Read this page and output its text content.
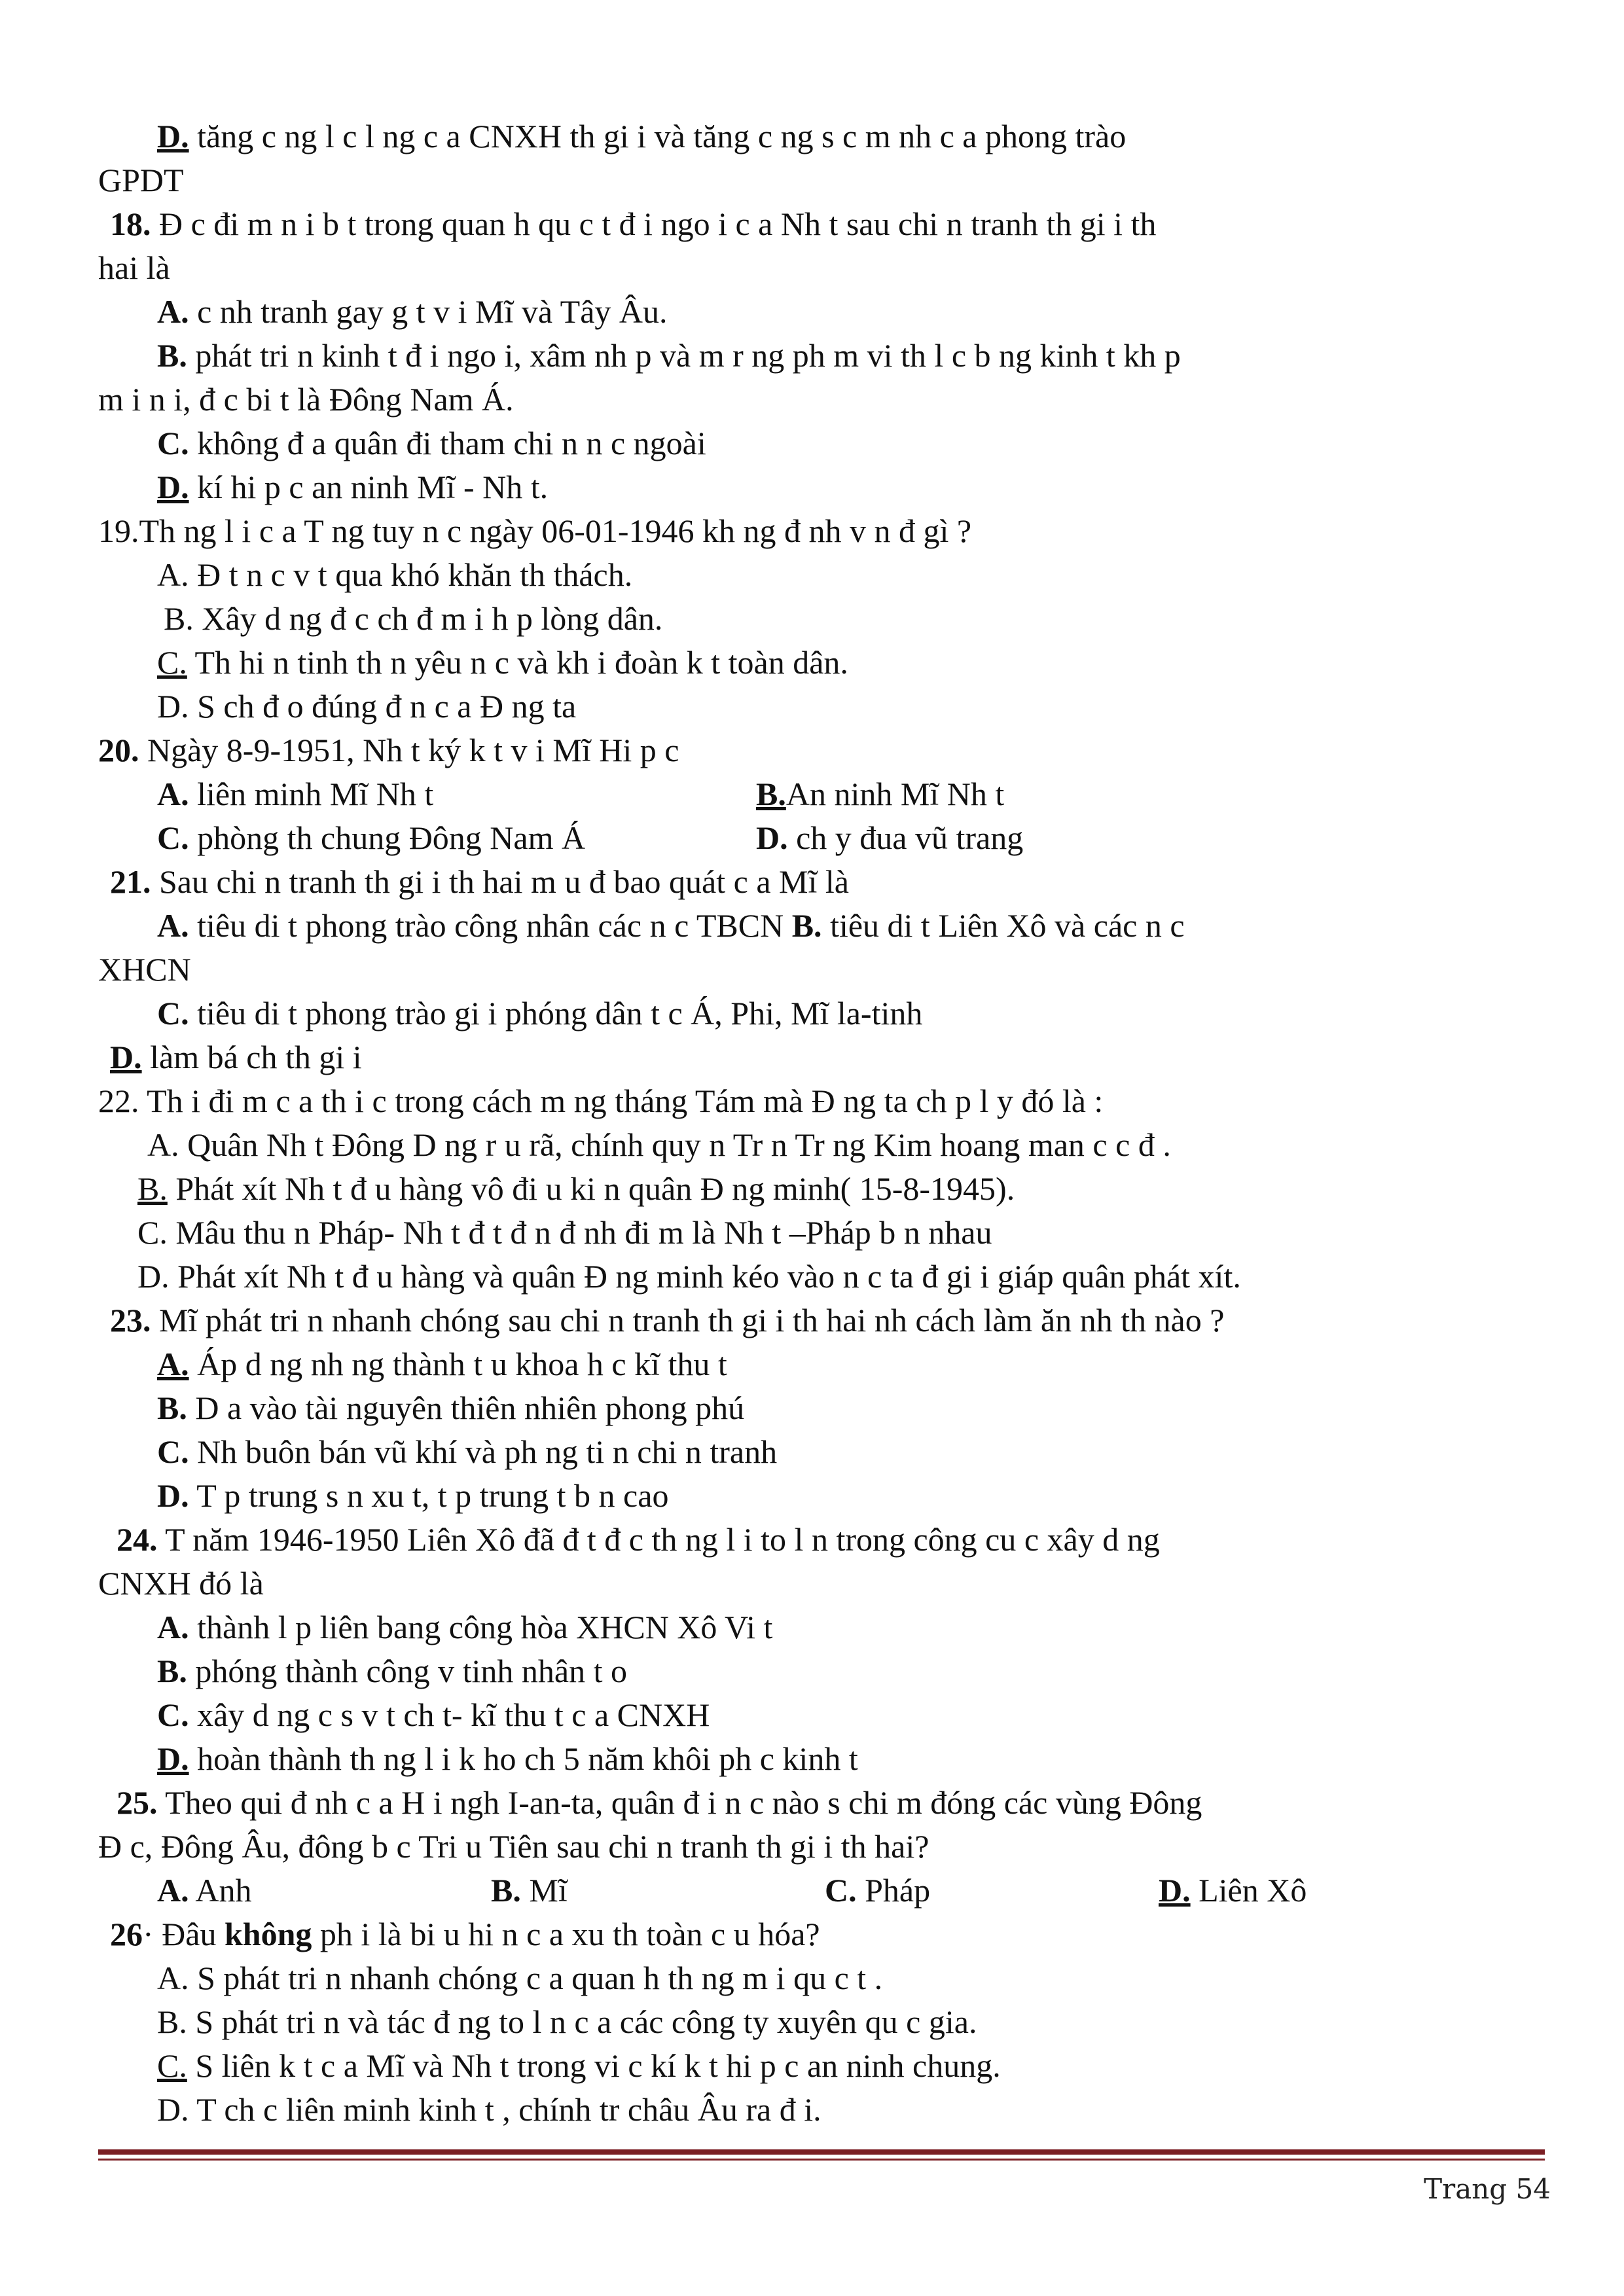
D. tăng c ng l c l ng c a CNXH th gi i và tăng c ng s c m nh c a phong trào
GPDT
18. Đ c đi m n i b t trong quan h qu c t đ i ngo i c a Nh t sau chi n tranh th gi i th
hai là
A. c nh tranh gay g t v i Mĩ và Tây Âu.
B. phát tri n kinh t đ i ngo i, xâm nh p và m r ng ph m vi th l c b ng kinh t kh p
m i n i, đ c bi t là Đông Nam Á.
C. không đ a quân đi tham chi n n c ngoài
D. kí hi p c an ninh Mĩ - Nh t.
19.Th ng l i c a T ng tuy n c ngày 06-01-1946 kh ng đ nh v n đ gì ?
A. Đ t n c v t qua khó khăn th thách.
B. Xây d ng đ c ch đ m i h p lòng dân.
C. Th hi n tinh th n yêu n c và kh i đoàn k t toàn dân.
D. S ch đ o đúng đ n c a Đ ng ta
20. Ngày 8-9-1951, Nh t ký k t v i Mĩ Hi p c
A. liên minh Mĩ Nh t	B.An ninh Mĩ Nh t
C. phòng th chung Đông Nam Á	D. ch y đua vũ trang
21. Sau chi n tranh th gi i th hai m u đ bao quát c a Mĩ là
A. tiêu di t phong trào công nhân các n c TBCN B. tiêu di t Liên Xô và các n c
XHCN
C. tiêu di t phong trào gi i phóng dân t c Á, Phi, Mĩ la-tinh
D. làm bá ch th gi i
22. Th i đi m c a th i c trong cách m ng tháng Tám mà Đ ng ta ch p l y đó là :
A. Quân Nh t Đông D ng r u rã, chính quy n Tr n Tr ng Kim hoang man c c đ .
B. Phát xít Nh t đ u hàng vô đi u ki n quân Đ ng minh( 15-8-1945).
C. Mâu thu n Pháp- Nh t đ t đ n đ nh đi m là Nh t –Pháp b n nhau
D. Phát xít Nh t đ u hàng và quân Đ ng minh kéo vào n c ta đ gi i giáp quân phát xít.
23. Mĩ phát tri n nhanh chóng sau chi n tranh th gi i th hai nh cách làm ăn nh th nào ?
A. Áp d ng nh ng thành t u khoa h c kĩ thu t
B. D a vào tài nguyên thiên nhiên phong phú
C. Nh buôn bán vũ khí và ph ng ti n chi n tranh
D. T p trung s n xu t, t p trung t b n cao
24. T năm 1946-1950 Liên Xô đã đ t đ c th ng l i to l n trong công cu c xây d ng
CNXH đó là
A. thành l p liên bang công hòa XHCN Xô Vi t
B. phóng thành công v tinh nhân t o
C. xây d ng c s v t ch t- kĩ thu t c a CNXH
D. hoàn thành th ng l i k ho ch 5 năm khôi ph c kinh t
25. Theo qui đ nh c a H i ngh I-an-ta, quân đ i n c nào s chi m đóng các vùng Đông
Đ c, Đông Âu, đông b c Tri u Tiên sau chi n tranh th gi i th hai?
A. Anh	B. Mĩ	C. Pháp	D. Liên Xô
26· Đâu không ph i là bi u hi n c a xu th toàn c u hóa?
A. S phát tri n nhanh chóng c a quan h th ng m i qu c t .
B. S phát tri n và tác đ ng to l n c a các công ty xuyên qu c gia.
C. S liên k t c a Mĩ và Nh t trong vi c kí k t hi p c an ninh chung.
D. T ch c liên minh kinh t , chính tr châu Âu ra đ i.
Trang 54
